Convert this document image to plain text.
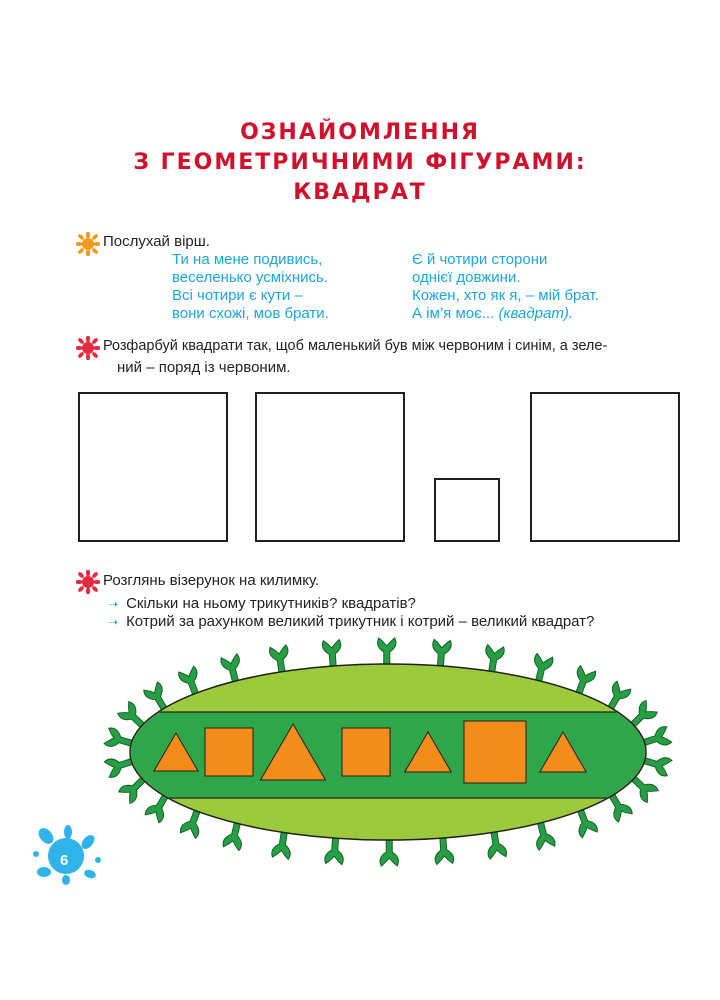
ОЗНАЙОМЛЕННЯ
З ГЕОМЕТРИЧНИМИ ФІГУРАМИ:
КВАДРАТ
Послухай вірш.
Ти на мене подивись,
веселенько усміхнись.
Всі чотири є кути –
вони схожі, мов брати.
Є й чотири сторони
однієї довжини.
Кожен, хто як я, – мій брат.
А ім’я моє... (квадрат).
Розфарбуй квадрати так, щоб маленький був між червоним і синім, а зеле-
ний – поряд із червоним.
Розглянь візерунок на килимку.
➝ Скільки на ньому трикутників? квадратів?
➝ Котрий за рахунком великий трикутник і котрий – великий квадрат?
6
